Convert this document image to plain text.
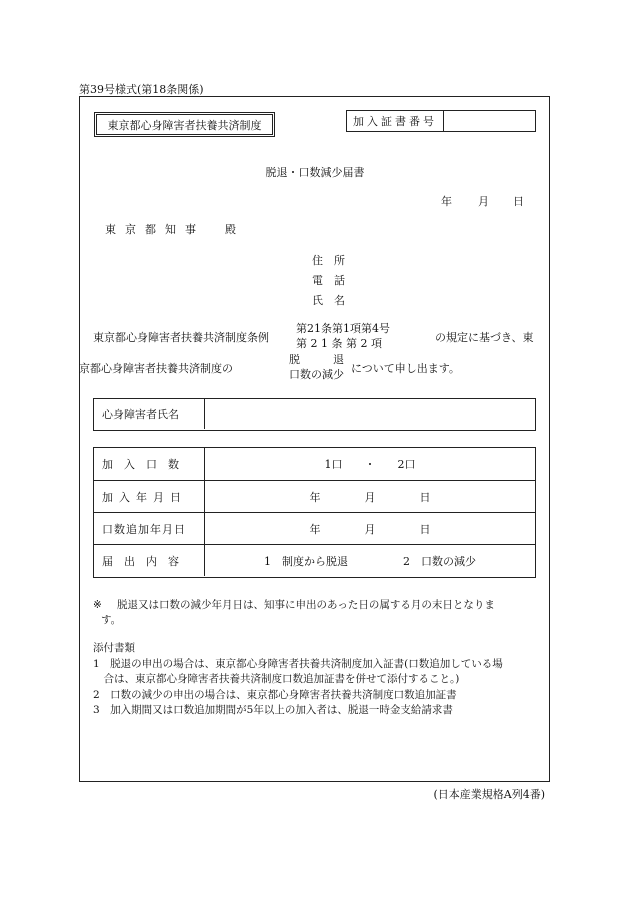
第39号様式(第18条関係)
東京都心身障害者扶養共済制度	加入証書番号
脱退・口数減少届書
年 月 日
東京都知事　殿
住　所
電　話
氏　名
東京都心身障害者扶養共済制度条例
第21条第1項第4号
第 2 1 条 第 2 項	の規定に基づき、東
京都心身障害者扶養共済制度の
脱　　　退
口数の減少 について申し出ます。
心身障害者氏名
加　入　口　数	1口　　・　　2口
加入年月日	年　　　　月　　　　日
口数追加年月日	年　　　　月　　　　日
届　出　内　容	1　制度から脱退　　　　　2　口数の減少
※ 脱退又は口数の減少年月日は、知事に申出のあった日の属する月の末日となりま
す。
添付書類
1　脱退の申出の場合は、東京都心身障害者扶養共済制度加入証書(口数追加している場
　合は、東京都心身障害者扶養共済制度口数追加証書を併せて添付すること。)
2　口数の減少の申出の場合は、東京都心身障害者扶養共済制度口数追加証書
3　加入期間又は口数追加期間が5年以上の加入者は、脱退一時金支給請求書
(日本産業規格A列4番)
